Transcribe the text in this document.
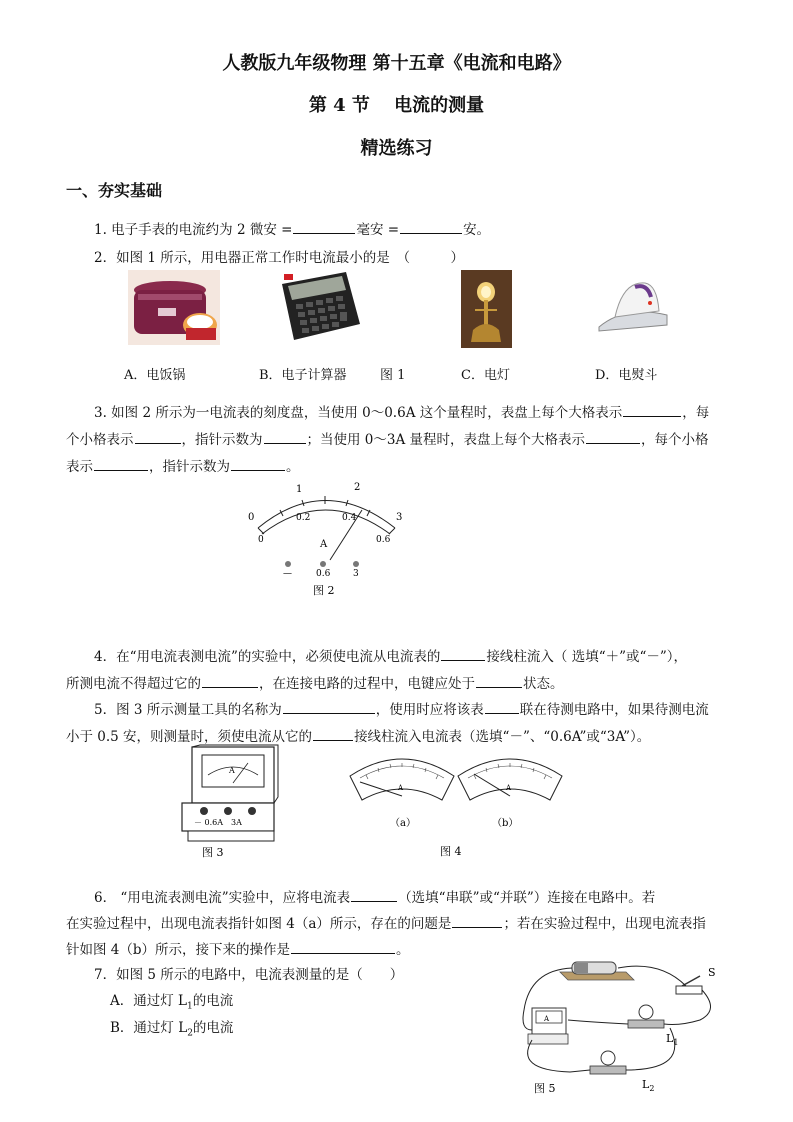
人教版九年级物理 第十五章《电流和电路》
第 4 节　 电流的测量
精选练习
一、夯实基础
1. 电子手表的电流约为 2 微安 =	毫安 =	安。
2．如图 1 所示，用电器正常工作时电流最小的是　（　　　）
A．电饭锅	B．电子计算器	图 1	C．电灯	D．电熨斗
3. 如图 2 所示为一电流表的刻度盘，当使用 0～0.6A 这个量程时，表盘上每个大格表示	，每
个小格表示	，指针示数为	；当使用 0～3A 量程时，表盘上每个大格表示	，每个小格
表示	，指针示数为	。
0
1	2
3
0
0.2	0.4
0.6
A
—	0.6	3
图 2
4．在“用电流表测电流”的实验中，必须使电流从电流表的	接线柱流入（ 选填“＋”或“－”），
所测电流不得超过它的	，在连接电路的过程中，电键应处于	状态。
5．图 3 所示测量工具的名称为	，使用时应将该表	联在待测电路中，如果待测电流
小于 0.5 安，则测量时，须使电流从它的	接线柱流入电流表（选填“－”、“0.6A”或“3A”）。
A
－ 0.6A　3A
图 3
A	A
（a）	（b）
图 4
6． “用电流表测电流”实验中，应将电流表	（选填“串联”或“并联”）连接在电路中。若
在实验过程中，出现电流表指针如图 4（a）所示，存在的问题是	；若在实验过程中，出现电流表指
针如图 4（b）所示，接下来的操作是	。
7．如图 5 所示的电路中，电流表测量的是（　　）
A．通过灯 $L_1$的电流
B．通过灯 $L_2$的电流
S
A
$L_1$
$L_2$
图 5
